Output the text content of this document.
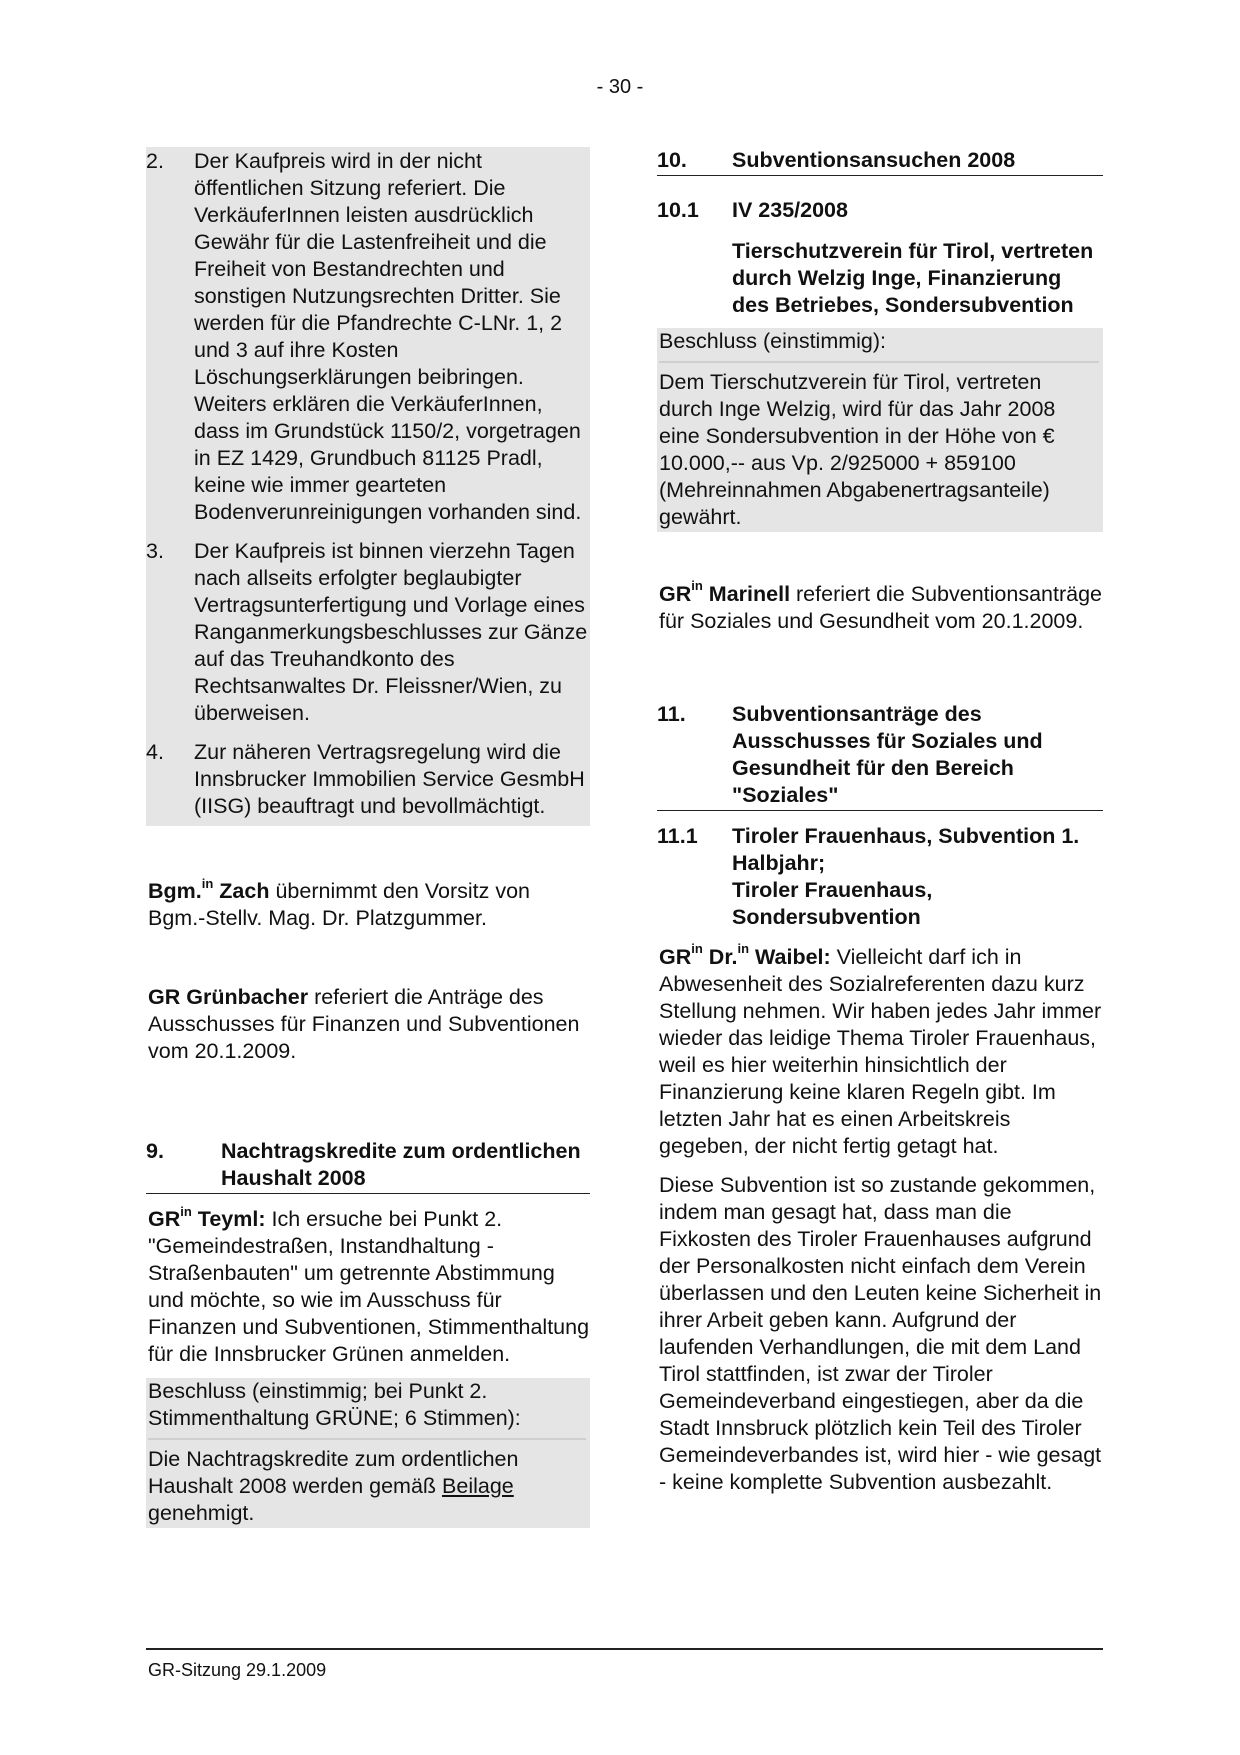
- 30 -
2.	Der Kaufpreis wird in der nicht öffentlichen Sitzung referiert. Die VerkäuferInnen leisten ausdrücklich Gewähr für die Lastenfreiheit und die Freiheit von Bestandrechten und sonstigen Nutzungsrechten Dritter. Sie werden für die Pfandrechte C-LNr. 1, 2 und 3 auf ihre Kosten Löschungserklärungen beibringen. Weiters erklären die VerkäuferInnen, dass im Grundstück 1150/2, vorgetragen in EZ 1429, Grundbuch 81125 Pradl, keine wie immer gearteten Bodenverunreinigungen vorhanden sind.
3.	Der Kaufpreis ist binnen vierzehn Tagen nach allseits erfolgter beglaubigter Vertragsunterfertigung und Vorlage eines Ranganmerkungsbeschlusses zur Gänze auf das Treuhandkonto des Rechtsanwaltes Dr. Fleissner/Wien, zu überweisen.
4.	Zur näheren Vertragsregelung wird die Innsbrucker Immobilien Service GesmbH (IISG) beauftragt und bevollmächtigt.

Bgm.$^{in}$ Zach übernimmt den Vorsitz von Bgm.-Stellv. Mag. Dr. Platzgummer.

GR Grünbacher referiert die Anträge des Ausschusses für Finanzen und Subventionen vom 20.1.2009.

9.	Nachtragskredite zum ordentlichen Haushalt 2008

$GR^{in}$ Teyml: Ich ersuche bei Punkt 2. "Gemeindestraßen, Instandhaltung - Straßenbauten" um getrennte Abstimmung und möchte, so wie im Ausschuss für Finanzen und Subventionen, Stimmenthaltung für die Innsbrucker Grünen anmelden.

Beschluss (einstimmig; bei Punkt 2. Stimmenthaltung GRÜNE; 6 Stimmen):

Die Nachtragskredite zum ordentlichen Haushalt 2008 werden gemäß Beilage genehmigt.

10.	Subventionsansuchen 2008
10.1	IV 235/2008

Tierschutzverein für Tirol, vertreten durch Welzig Inge, Finanzierung des Betriebes, Sondersubvention

Beschluss (einstimmig):

Dem Tierschutzverein für Tirol, vertreten durch Inge Welzig, wird für das Jahr 2008 eine Sondersubvention in der Höhe von € 10.000,-- aus Vp. 2/925000 + 859100 (Mehreinnahmen Abgabenertragsanteile) gewährt.

$GR^{in}$ Marinell referiert die Subventionsanträge für Soziales und Gesundheit vom 20.1.2009.

11.	Subventionsanträge des Ausschusses für Soziales und Gesundheit für den Bereich "Soziales"
11.1	Tiroler Frauenhaus, Subvention 1. Halbjahr;
Tiroler Frauenhaus, Sondersubvention

$GR^{in}$ Dr.$^{in}$ Waibel: Vielleicht darf ich in Abwesenheit des Sozialreferenten dazu kurz Stellung nehmen. Wir haben jedes Jahr immer wieder das leidige Thema Tiroler Frauenhaus, weil es hier weiterhin hinsichtlich der Finanzierung keine klaren Regeln gibt. Im letzten Jahr hat es einen Arbeitskreis gegeben, der nicht fertig getagt hat.

Diese Subvention ist so zustande gekommen, indem man gesagt hat, dass man die Fixkosten des Tiroler Frauenhauses aufgrund der Personalkosten nicht einfach dem Verein überlassen und den Leuten keine Sicherheit in ihrer Arbeit geben kann. Aufgrund der laufenden Verhandlungen, die mit dem Land Tirol stattfinden, ist zwar der Tiroler Gemeindeverband eingestiegen, aber da die Stadt Innsbruck plötzlich kein Teil des Tiroler Gemeindeverbandes ist, wird hier - wie gesagt - keine komplette Subvention ausbezahlt.

GR-Sitzung 29.1.2009
